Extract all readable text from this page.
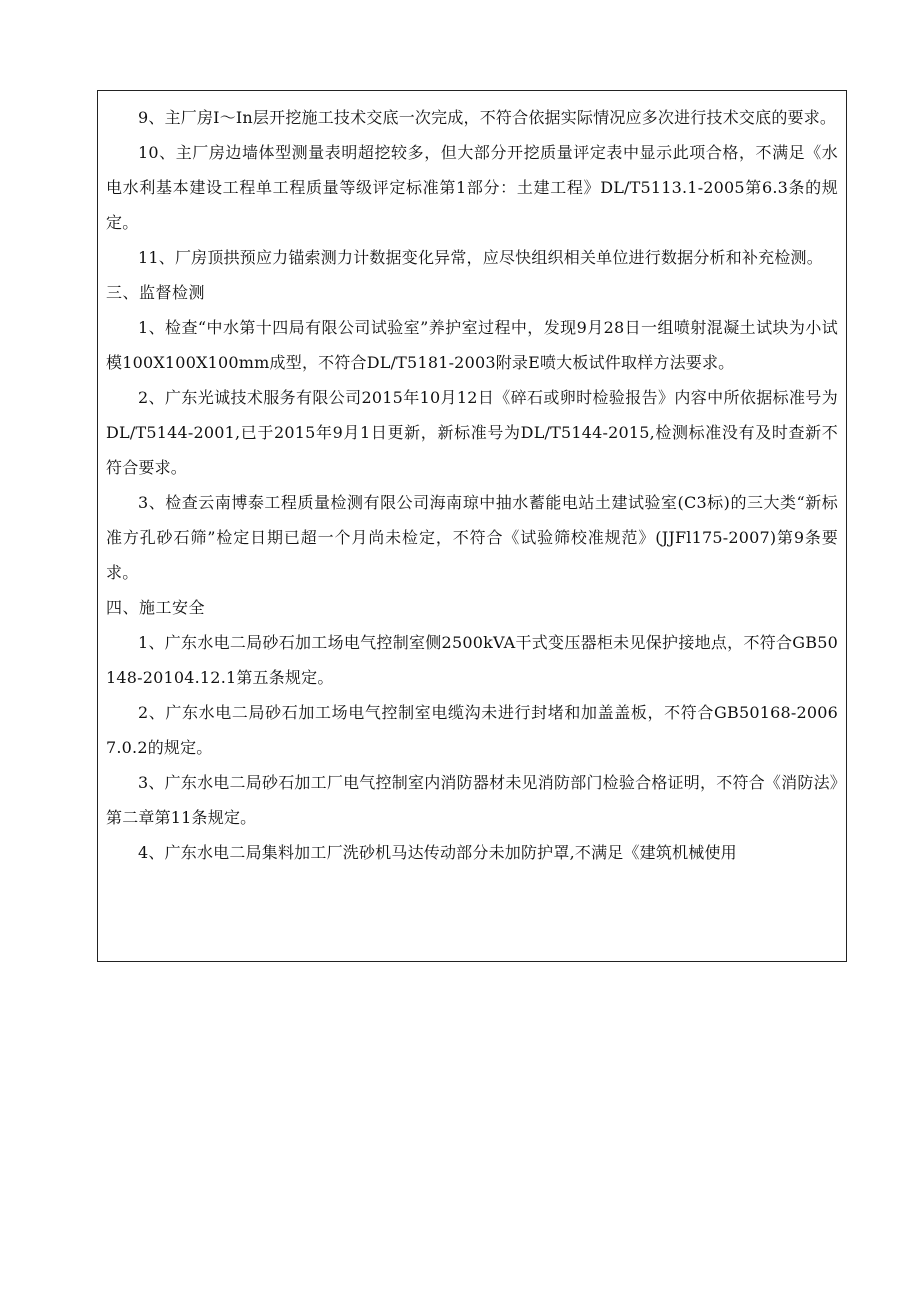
9、主厂房Ⅰ～In层开挖施工技术交底一次完成，不符合依据实际情况应多次进行技术交底的要求。

10、主厂房边墙体型测量表明超挖较多，但大部分开挖质量评定表中显示此项合格，不满足《水电水利基本建设工程单工程质量等级评定标准第1部分：土建工程》DL/T5113.1-2005第6.3条的规定。

11、厂房顶拱预应力锚索测力计数据变化异常，应尽快组织相关单位进行数据分析和补充检测。

三、监督检测

1、检查“中水第十四局有限公司试验室”养护室过程中，发现9月28日一组喷射混凝土试块为小试模100X100X100mm成型，不符合DL/T5181-2003附录E喷大板试件取样方法要求。

2、广东光诚技术服务有限公司2015年10月12日《碎石或卵时检验报告》内容中所依据标准号为DL/T5144-2001,已于2015年9月1日更新，新标准号为DL/T5144-2015,检测标准没有及时查新不符合要求。

3、检查云南博泰工程质量检测有限公司海南琼中抽水蓄能电站土建试验室(C3标)的三大类“新标准方孔砂石筛”检定日期已超一个月尚未检定，不符合《试验筛校准规范》(JJFl175-2007)第9条要求。

四、施工安全

1、广东水电二局砂石加工场电气控制室侧2500kVA干式变压器柜未见保护接地点，不符合GB50148-20104.12.1第五条规定。

2、广东水电二局砂石加工场电气控制室电缆沟未进行封堵和加盖盖板，不符合GB50168-20067.0.2的规定。

3、广东水电二局砂石加工厂电气控制室内消防器材未见消防部门检验合格证明，不符合《消防法》第二章第11条规定。

4、广东水电二局集料加工厂洗砂机马达传动部分未加防护罩,不满足《建筑机械使用
